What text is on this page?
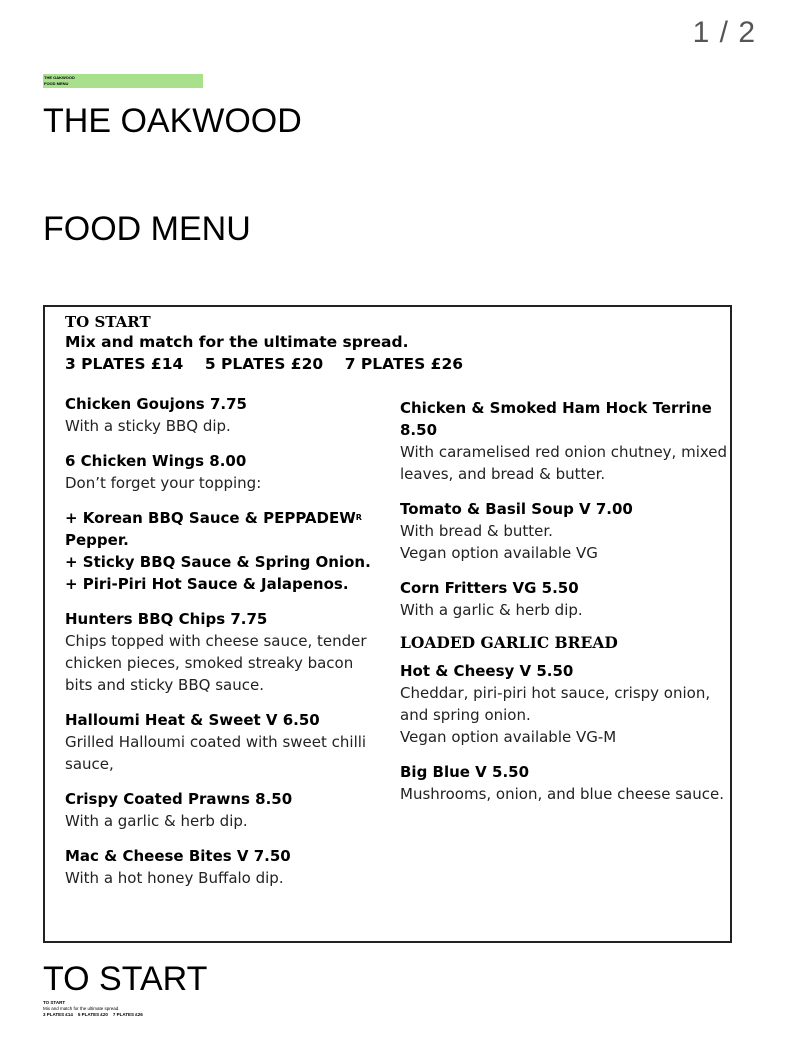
1 / 2
THE OAKWOOD
FOOD MENU
THE OAKWOOD
FOOD MENU
TO START
Mix and match for the ultimate spread.
3 PLATES £14    5 PLATES £20    7 PLATES £26
Chicken Goujons 7.75
With a sticky BBQ dip.
6 Chicken Wings 8.00
Don’t forget your topping:
+ Korean BBQ Sauce & $PEPPADEW^R$
Pepper.
+ Sticky BBQ Sauce & Spring Onion.
+ Piri-Piri Hot Sauce & Jalapenos.
Hunters BBQ Chips 7.75
Chips topped with cheese sauce, tender chicken pieces, smoked streaky bacon bits and sticky BBQ sauce.
Halloumi Heat & Sweet V 6.50
Grilled Halloumi coated with sweet chilli sauce,
Crispy Coated Prawns 8.50
With a garlic & herb dip.
Mac & Cheese Bites V 7.50
With a hot honey Buffalo dip.
Chicken & Smoked Ham Hock Terrine 8.50
With caramelised red onion chutney, mixed leaves, and bread & butter.
Tomato & Basil Soup V 7.00
With bread & butter.
Vegan option available VG
Corn Fritters VG 5.50
With a garlic & herb dip.
LOADED GARLIC BREAD
Hot & Cheesy V 5.50
Cheddar, piri-piri hot sauce, crispy onion, and spring onion.
Vegan option available VG-M
Big Blue V 5.50
Mushrooms, onion, and blue cheese sauce.
TO START
TO START
Mix and match for the ultimate spread.
3 PLATES £14    5 PLATES £20    7 PLATES £26
